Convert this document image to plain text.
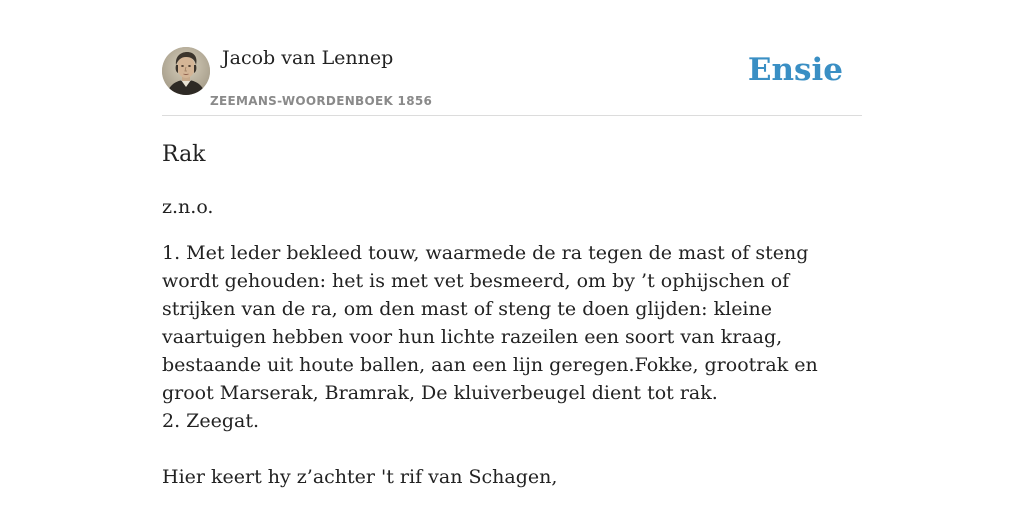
Jacob van Lennep
ZEEMANS-WOORDENBOEK 1856
Ensie
Rak

z.n.o.

1. Met leder bekleed touw, waarmede de ra tegen de mast of steng wordt gehouden: het is met vet besmeerd, om by ’t ophijschen of strijken van de ra, om den mast of steng te doen glijden: kleine vaartuigen hebben voor hun lichte razeilen een soort van kraag, bestaande uit houte ballen, aan een lijn geregen.Fokke, grootrak en groot Marserak, Bramrak, De kluiverbeugel dient tot rak.

2. Zeegat.

Hier keert hy z’achter 't rif van Schagen,
